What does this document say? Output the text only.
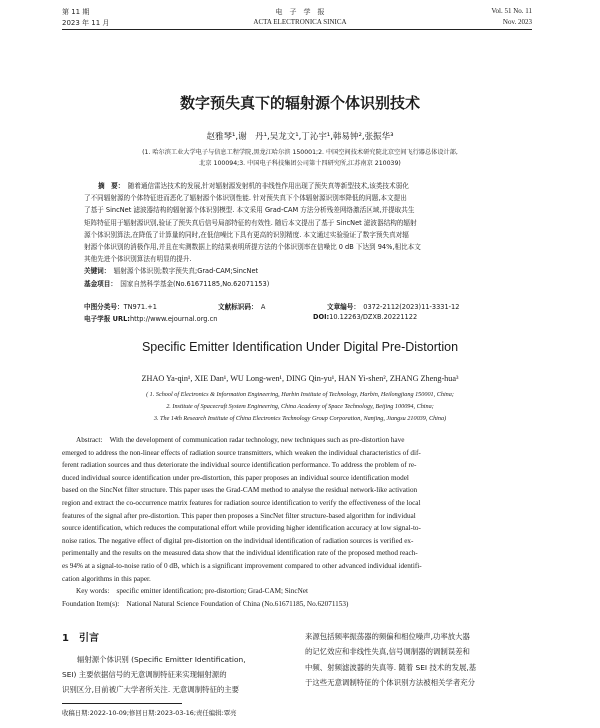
第 11 期
2023 年 11 月
电　子　学　报
ACTA ELECTRONICA SINICA
Vol. 51 No. 11
Nov. 2023
数字预失真下的辐射源个体识别技术
赵雅琴¹,谢　丹¹,吴龙文¹,丁沁宇¹,韩易钟²,张振华³
(1. 哈尔滨工业大学电子与信息工程学院,黑龙江哈尔滨 150001;2. 中国空间技术研究院北京空间飞行器总体设计部,
北京 100094;3. 中国电子科技集团公司第十四研究所,江苏南京 210039)
摘　要：　 随着通信雷达技术的发展,针对辐射源发射机的非线性作用出现了预失真等新型技术,该类技术弱化
了不同辐射源的个体特征进而恶化了辐射源个体识别性能. 针对预失真下个体辐射源识别率降低的问题,本文提出
了基于 SincNet 滤波器结构的辐射源个体识别模型. 本文采用 Grad-CAM 方法分析残差网络激活区域,并提取共生
矩阵特征用于辐射源识别,验证了预失真后信号局部特征的有效性. 随后本文提出了基于 SincNet 滤波器结构的辐射
源个体识别算法,在降低了计算量的同时,在低信噪比下具有更高的识别精度. 本文通过实验验证了数字预失真对辐
射源个体识别的消极作用,并且在实测数据上的结果表明所提方法的个体识别率在信噪比 0 dB 下达到 94%,相比本文
其他先进个体识别算法有明显的提升.
关键词：　 辐射源个体识别;数字预失真;Grad-CAM;SincNet
基金项目：　 国家自然科学基金(No.61671185,No.62071153)
中图分类号：TN971.+1	文献标识码：　 A	文章编号：　 0372-2112(2023)11-3331-12
电子学报 URL:http://www.ejournal.org.cn	DOI:10.12263/DZXB.20221122
Specific Emitter Identification Under Digital Pre-Distortion
ZHAO Ya-qin¹, XIE Dan¹, WU Long-wen¹, DING Qin-yu¹, HAN Yi-shen², ZHANG Zheng-hua³
( 1. School of Electronics & Information Engineering, Harbin Institute of Technology, Harbin, Heilongjiang 150001, China;
2. Institute of Spacecraft System Engineering, China Academy of Space Technology, Beijing 100094, China;
3. The 14th Research Institute of China Electronics Technology Group Corporation, Nanjing, Jiangsu 210039, China)
Abstract:　 With the development of communication radar technology, new techniques such as pre-distortion have
emerged to address the non-linear effects of radiation source transmitters, which weaken the individual characteristics of dif-
ferent radiation sources and thus deteriorate the individual source identification performance. To address the problem of re-
duced individual source identification under pre-distortion, this paper proposes an individual source identification model
based on the SincNet filter structure. This paper uses the Grad-CAM method to analyse the residual network-like activation
region and extract the co-occurrence matrix features for radiation source identification to verify the effectiveness of the local
features of the signal after pre-distortion. This paper then proposes a SincNet filter structure-based algorithm for individual
source identification, which reduces the computational effort while providing higher identification accuracy at low signal-to-
noise ratios. The negative effect of digital pre-distortion on the individual identification of radiation sources is verified ex-
perimentally and the results on the measured data show that the individual identification rate of the proposed method reach-
es 94% at a signal-to-noise ratio of 0 dB, which is a significant improvement compared to other advanced individual identifi-
cation algorithms in this paper.
Key words:　 specific emitter identification; pre-distortion; Grad-CAM; SincNet
Foundation Item(s):　 National Natural Science Foundation of China (No.61671185, No.62071153)
1　引言
辐射源个体识别 (Specific Emitter Identification,
SEI) 主要依据信号的无意调制特征来实现辐射源的
识别区分,目前被广大学者所关注. 无意调制特征的主要
来源包括频率振荡器的频偏和相位噪声,功率放大器
的记忆效应和非线性失真,信号调制器的调制误差和
中频、射频滤波器的失真等. 随着 SEI 技术的发展,基
于这些无意调制特征的个体识别方法被相关学者充分
收稿日期:2022-10-09;修回日期:2023-03-16;责任编辑:覃亮
